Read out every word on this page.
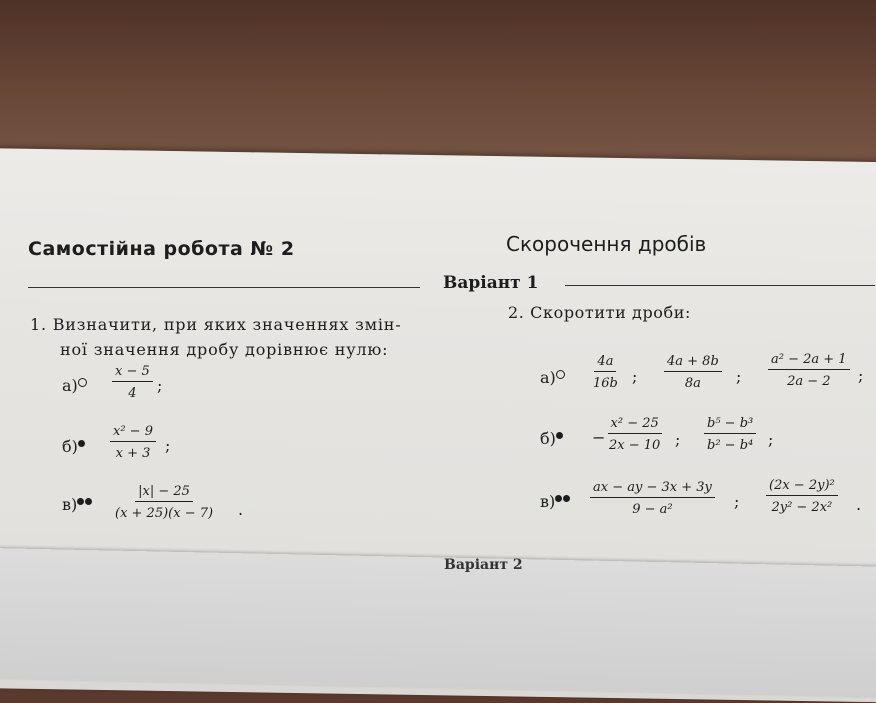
Самостійна робота № 2	Скорочення дробів
Варіант 1
1. Визначити, при яких значеннях змін-
ної значення дробу дорівнює нулю:
а)	$\frac{x - 5}{4}$ ;
б)	$\frac{\text{x² − 9}}{x + 3}$ ;
в)	$\frac{|x| - 25}{(x + 25)(x - 7)}$ .
2. Скоротити дроби:
а)	$\frac{4a}{16b}$ ; $\frac{4a + 8b}{8a}$ ; $\frac{\text{a² − 2a + 1}}{2a - 2}$ ;
б)	− $\frac{\text{x² − 25}}{2x - 10}$ ; $\frac{\text{b⁵ − b³}}{\text{b² − b⁴}}$ ;
в)	$\frac{ax - ay - 3x + 3y}{\text{9 − a²}}$ ; $\frac{\text{(2x − 2y)²}}{\text{2y² − 2x²}}$ .
Варіант 2
